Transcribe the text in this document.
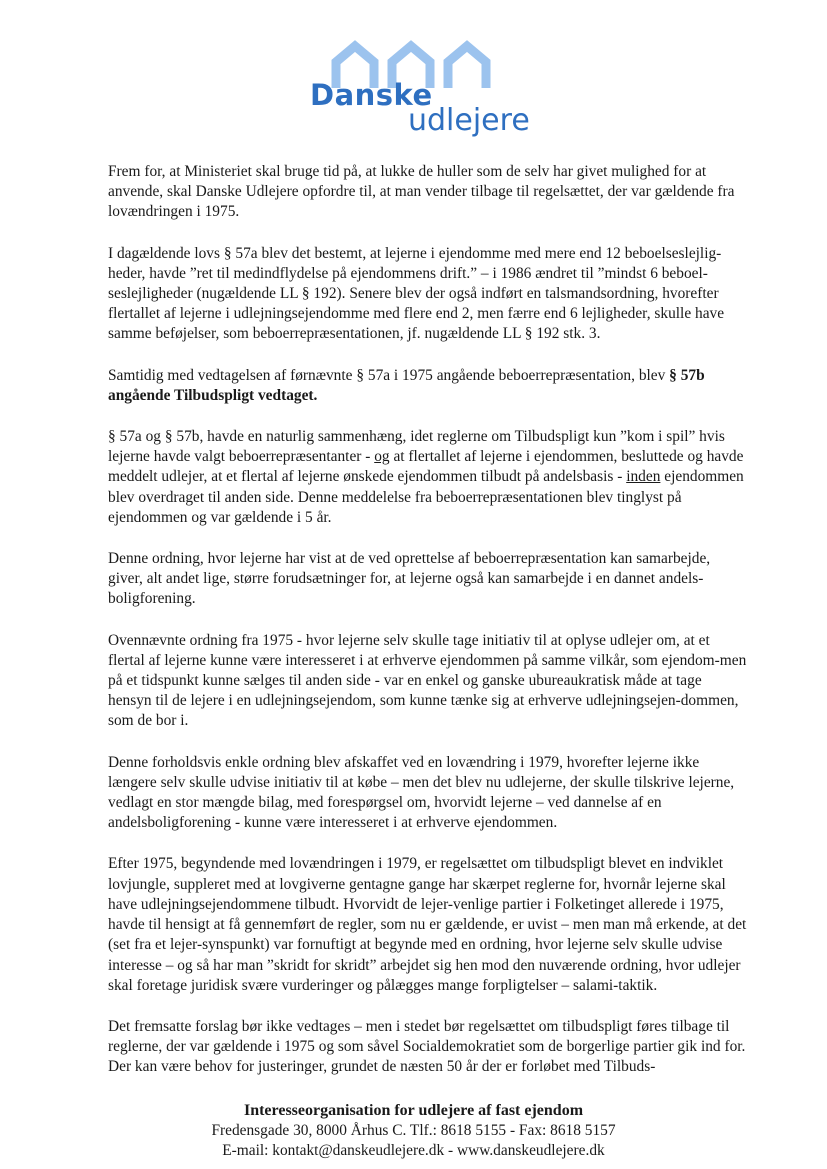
Danske
udlejere

Frem for, at Ministeriet skal bruge tid på, at lukke de huller som de selv har givet mulighed for at anvende, skal Danske Udlejere opfordre til, at man vender tilbage til regelsættet, der var gældende fra lovændringen i 1975.

I dagældende lovs § 57a blev det bestemt, at lejerne i ejendomme med mere end 12 beboelseslejlig-heder, havde ”ret til medindflydelse på ejendommens drift.” – i 1986 ændret til ”mindst 6 beboel-seslejligheder (nugældende LL § 192). Senere blev der også indført en talsmandsordning, hvorefter flertallet af lejerne i udlejningsejendomme med flere end 2, men færre end 6 lejligheder, skulle have samme beføjelser, som beboerrepræsentationen, jf. nugældende LL § 192 stk. 3.

Samtidig med vedtagelsen af førnævnte § 57a i 1975 angående beboerrepræsentation, blev § 57b angående Tilbudspligt vedtaget.

§ 57a og § 57b, havde en naturlig sammenhæng, idet reglerne om Tilbudspligt kun ”kom i spil” hvis lejerne havde valgt beboerrepræsentanter - og at flertallet af lejerne i ejendommen, besluttede og havde meddelt udlejer, at et flertal af lejerne ønskede ejendommen tilbudt på andelsbasis - inden ejendommen blev overdraget til anden side. Denne meddelelse fra beboerrepræsentationen blev tinglyst på ejendommen og var gældende i 5 år.

Denne ordning, hvor lejerne har vist at de ved oprettelse af beboerrepræsentation kan samarbejde, giver, alt andet lige, større forudsætninger for, at lejerne også kan samarbejde i en dannet andels-boligforening.

Ovennævnte ordning fra 1975 - hvor lejerne selv skulle tage initiativ til at oplyse udlejer om, at et flertal af lejerne kunne være interesseret i at erhverve ejendommen på samme vilkår, som ejendom-men på et tidspunkt kunne sælges til anden side - var en enkel og ganske ubureaukratisk måde at tage hensyn til de lejere i en udlejningsejendom, som kunne tænke sig at erhverve udlejningsejen-dommen, som de bor i.

Denne forholdsvis enkle ordning blev afskaffet ved en lovændring i 1979, hvorefter lejerne ikke længere selv skulle udvise initiativ til at købe – men det blev nu udlejerne, der skulle tilskrive lejerne, vedlagt en stor mængde bilag, med forespørgsel om, hvorvidt lejerne – ved dannelse af en andelsboligforening - kunne være interesseret i at erhverve ejendommen.

Efter 1975, begyndende med lovændringen i 1979, er regelsættet om tilbudspligt blevet en indviklet lovjungle, suppleret med at lovgiverne gentagne gange har skærpet reglerne for, hvornår lejerne skal have udlejningsejendommene tilbudt. Hvorvidt de lejer-venlige partier i Folketinget allerede i 1975, havde til hensigt at få gennemført de regler, som nu er gældende, er uvist – men man må erkende, at det (set fra et lejer-synspunkt) var fornuftigt at begynde med en ordning, hvor lejerne selv skulle udvise interesse – og så har man ”skridt for skridt” arbejdet sig hen mod den nuværende ordning, hvor udlejer skal foretage juridisk svære vurderinger og pålægges mange forpligtelser – salami-taktik.

Det fremsatte forslag bør ikke vedtages – men i stedet bør regelsættet om tilbudspligt føres tilbage til reglerne, der var gældende i 1975 og som såvel Socialdemokratiet som de borgerlige partier gik ind for. Der kan være behov for justeringer, grundet de næsten 50 år der er forløbet med Tilbuds-

Interesseorganisation for udlejere af fast ejendom
Fredensgade 30, 8000 Århus C. Tlf.: 8618 5155 - Fax: 8618 5157
E-mail: kontakt@danskeudlejere.dk - www.danskeudlejere.dk
